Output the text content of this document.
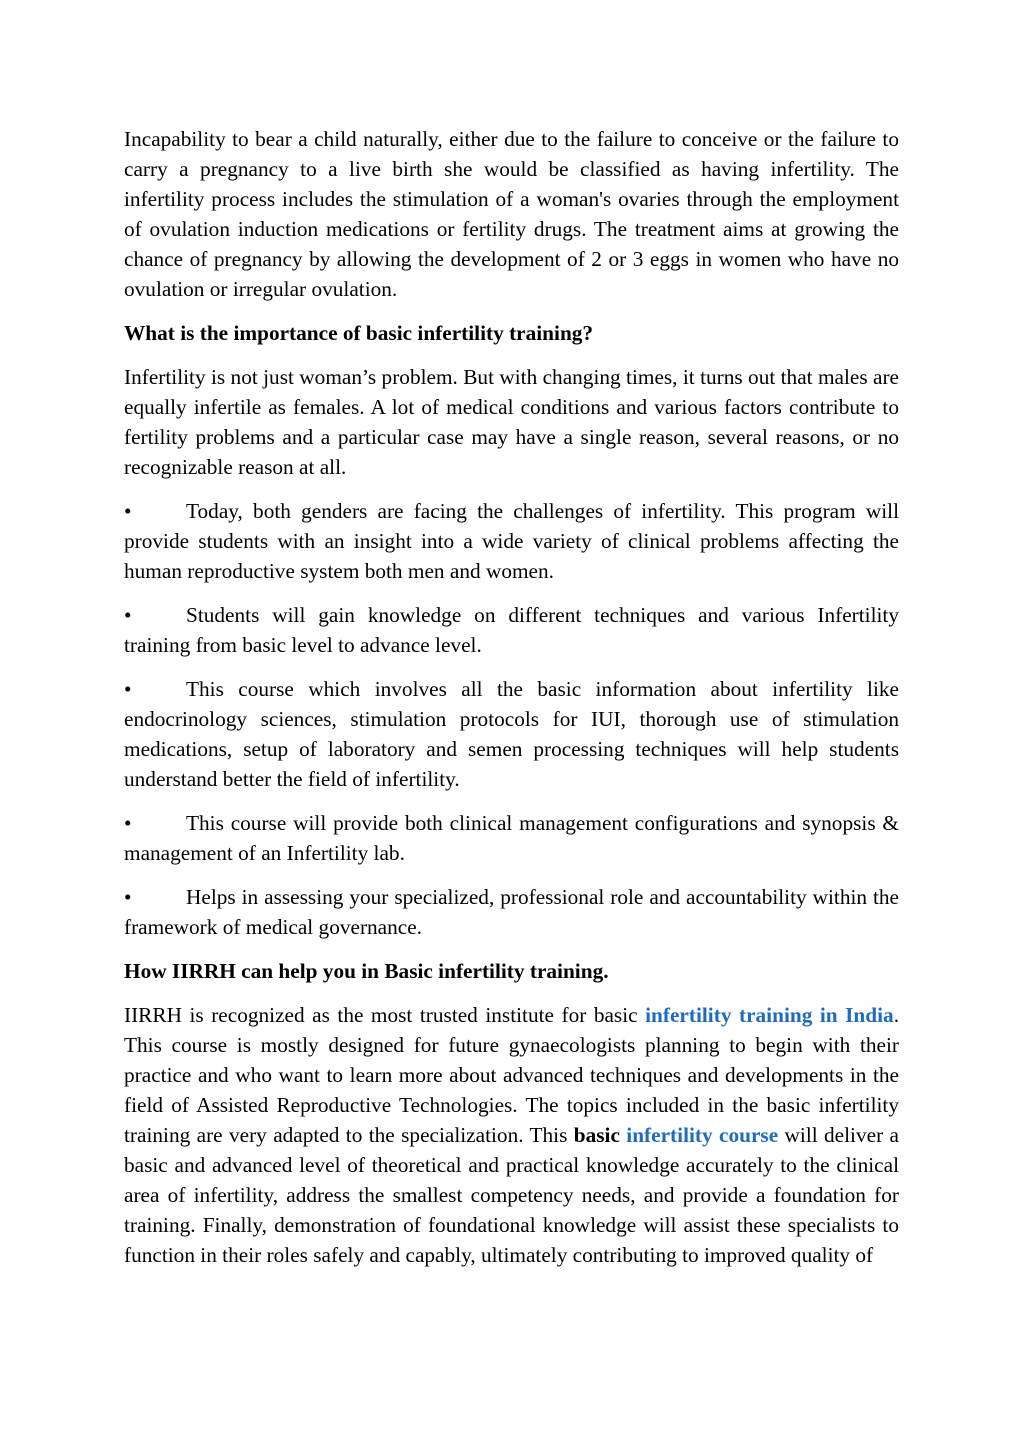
Incapability to bear a child naturally, either due to the failure to conceive or the failure to carry a pregnancy to a live birth she would be classified as having infertility. The infertility process includes the stimulation of a woman's ovaries through the employment of ovulation induction medications or fertility drugs. The treatment aims at growing the chance of pregnancy by allowing the development of 2 or 3 eggs in women who have no ovulation or irregular ovulation.

What is the importance of basic infertility training?

Infertility is not just woman’s problem. But with changing times, it turns out that males are equally infertile as females. A lot of medical conditions and various factors contribute to fertility problems and a particular case may have a single reason, several reasons, or no recognizable reason at all.

•	Today, both genders are facing the challenges of infertility. This program will provide students with an insight into a wide variety of clinical problems affecting the human reproductive system both men and women.

•	Students will gain knowledge on different techniques and various Infertility training from basic level to advance level.

•	This course which involves all the basic information about infertility like endocrinology sciences, stimulation protocols for IUI, thorough use of stimulation medications, setup of laboratory and semen processing techniques will help students understand better the field of infertility.

•	This course will provide both clinical management configurations and synopsis & management of an Infertility lab.

•	Helps in assessing your specialized, professional role and accountability within the framework of medical governance.

How IIRRH can help you in Basic infertility training.

IIRRH is recognized as the most trusted institute for basic infertility training in India. This course is mostly designed for future gynaecologists planning to begin with their practice and who want to learn more about advanced techniques and developments in the field of Assisted Reproductive Technologies. The topics included in the basic infertility training are very adapted to the specialization. This basic infertility course will deliver a basic and advanced level of theoretical and practical knowledge accurately to the clinical area of infertility, address the smallest competency needs, and provide a foundation for training. Finally, demonstration of foundational knowledge will assist these specialists to function in their roles safely and capably, ultimately contributing to improved quality of
